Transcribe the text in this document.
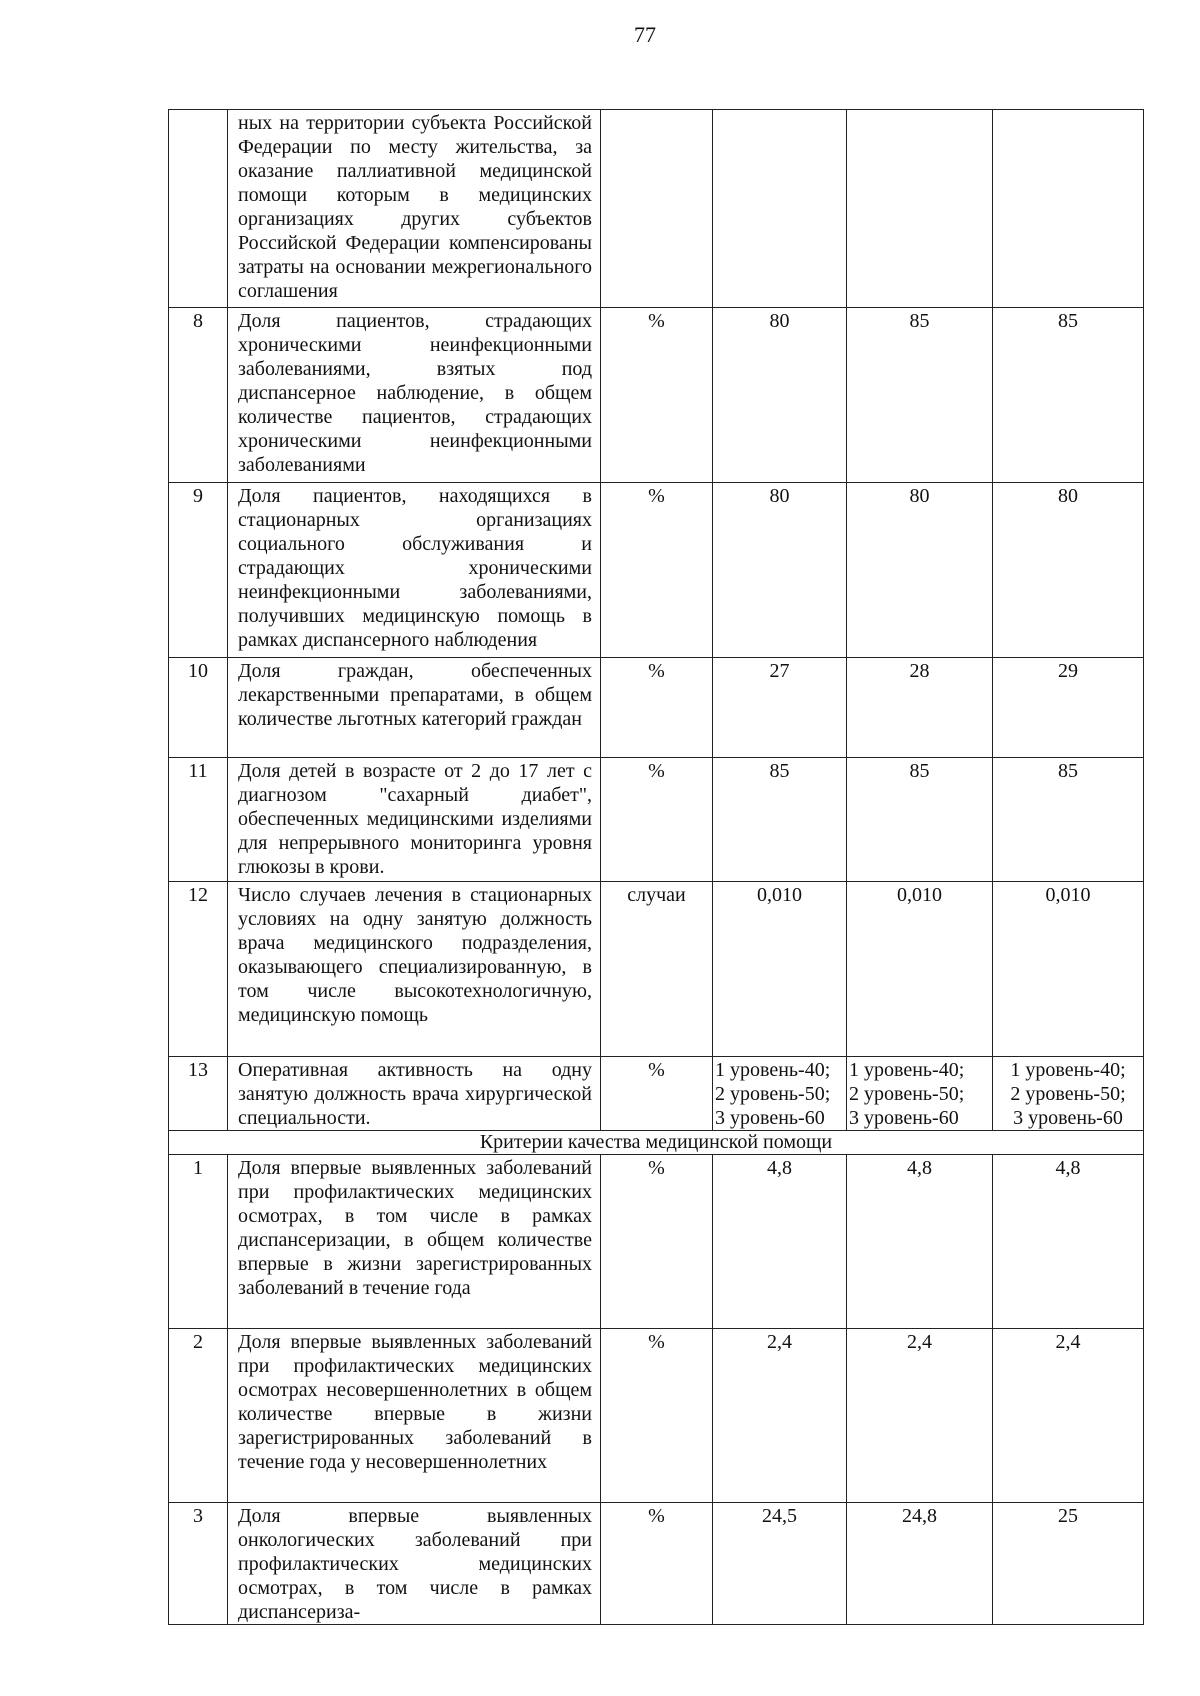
77
	ных на территории субъекта Российской Федерации по месту жительства, за оказание паллиативной медицинской помощи которым в медицинских организациях других субъектов Российской Федерации компенсированы затраты на основании межрегионального соглашения				
8	Доля пациентов, страдающих хроническими неинфекционными заболеваниями, взятых под диспансерное наблюдение, в общем количестве пациентов, страдающих хроническими неинфекционными заболеваниями	%	80	85	85
9	Доля пациентов, находящихся в стационарных организациях социального обслуживания и страдающих хроническими неинфекционными заболеваниями, получивших медицинскую помощь в рамках диспансерного наблюдения	%	80	80	80
10	Доля граждан, обеспеченных лекарственными препаратами, в общем количестве льготных категорий граждан	%	27	28	29
11	Доля детей в возрасте от 2 до 17 лет с диагнозом "сахарный диабет", обеспеченных медицинскими изделиями для непрерывного мониторинга уровня глюкозы в крови.	%	85	85	85
12	Число случаев лечения в стационарных условиях на одну занятую должность врача медицинского подразделения, оказывающего специализированную, в том числе высокотехнологичную, медицинскую помощь	случаи	0,010	0,010	0,010
13	Оперативная активность на одну занятую должность врача хирургической специальности.	%	1 уровень-40;
2 уровень-50;
3 уровень-60	1 уровень-40;
2 уровень-50;
3 уровень-60	1 уровень-40;
2 уровень-50;
3 уровень-60

Критерии качества медицинской помощи					
1	Доля впервые выявленных заболеваний при профилактических медицинских осмотрах, в том числе в рамках диспансеризации, в общем количестве впервые в жизни зарегистрированных заболеваний в течение года	%	4,8	4,8	4,8
2	Доля впервые выявленных заболеваний при профилактических медицинских осмотрах несовершеннолетних в общем количестве впервые в жизни зарегистрированных заболеваний в течение года у несовершеннолетних	%	2,4	2,4	2,4
3	Доля впервые выявленных онкологических заболеваний при профилактических медицинских осмотрах, в том числе в рамках диспансериза-	%	24,5	24,8	25
